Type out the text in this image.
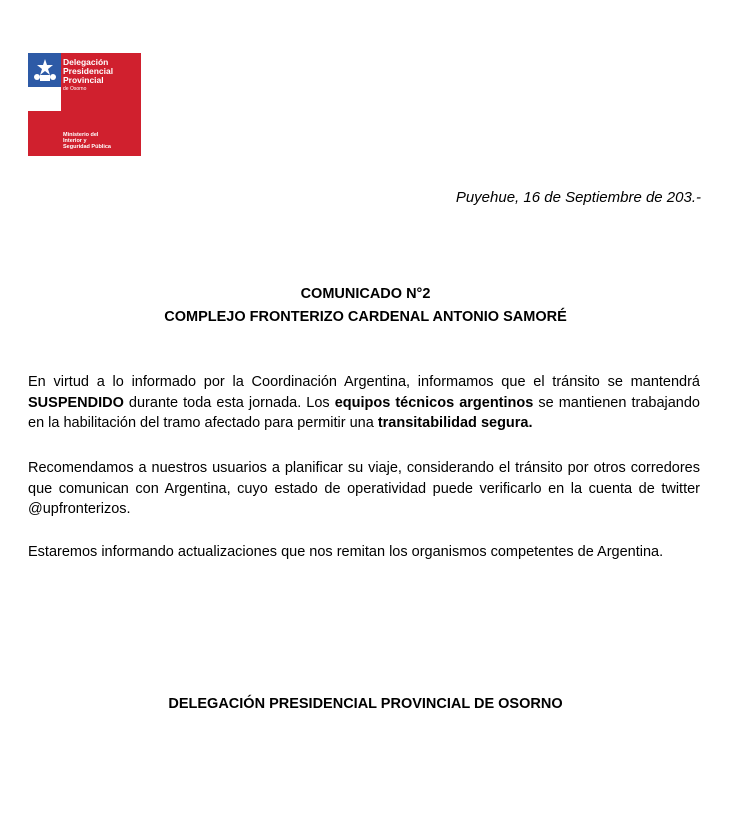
Delegación
Presidencial
Provincial
de Osorno
Ministerio del
Interior y
Seguridad Pública
Puyehue, 16 de Septiembre de 203.-
COMUNICADO N°2
COMPLEJO FRONTERIZO CARDENAL ANTONIO SAMORÉ

En virtud a lo informado por la Coordinación Argentina, informamos que el tránsito se mantendrá SUSPENDIDO durante toda esta jornada. Los equipos técnicos argentinos se mantienen trabajando en la habilitación del tramo afectado para permitir una transitabilidad segura.

Recomendamos a nuestros usuarios a planificar su viaje, considerando el tránsito por otros corredores que comunican con Argentina, cuyo estado de operatividad puede verificarlo en la cuenta de twitter @upfronterizos.

Estaremos informando actualizaciones que nos remitan los organismos competentes de Argentina.

DELEGACIÓN PRESIDENCIAL PROVINCIAL DE OSORNO
